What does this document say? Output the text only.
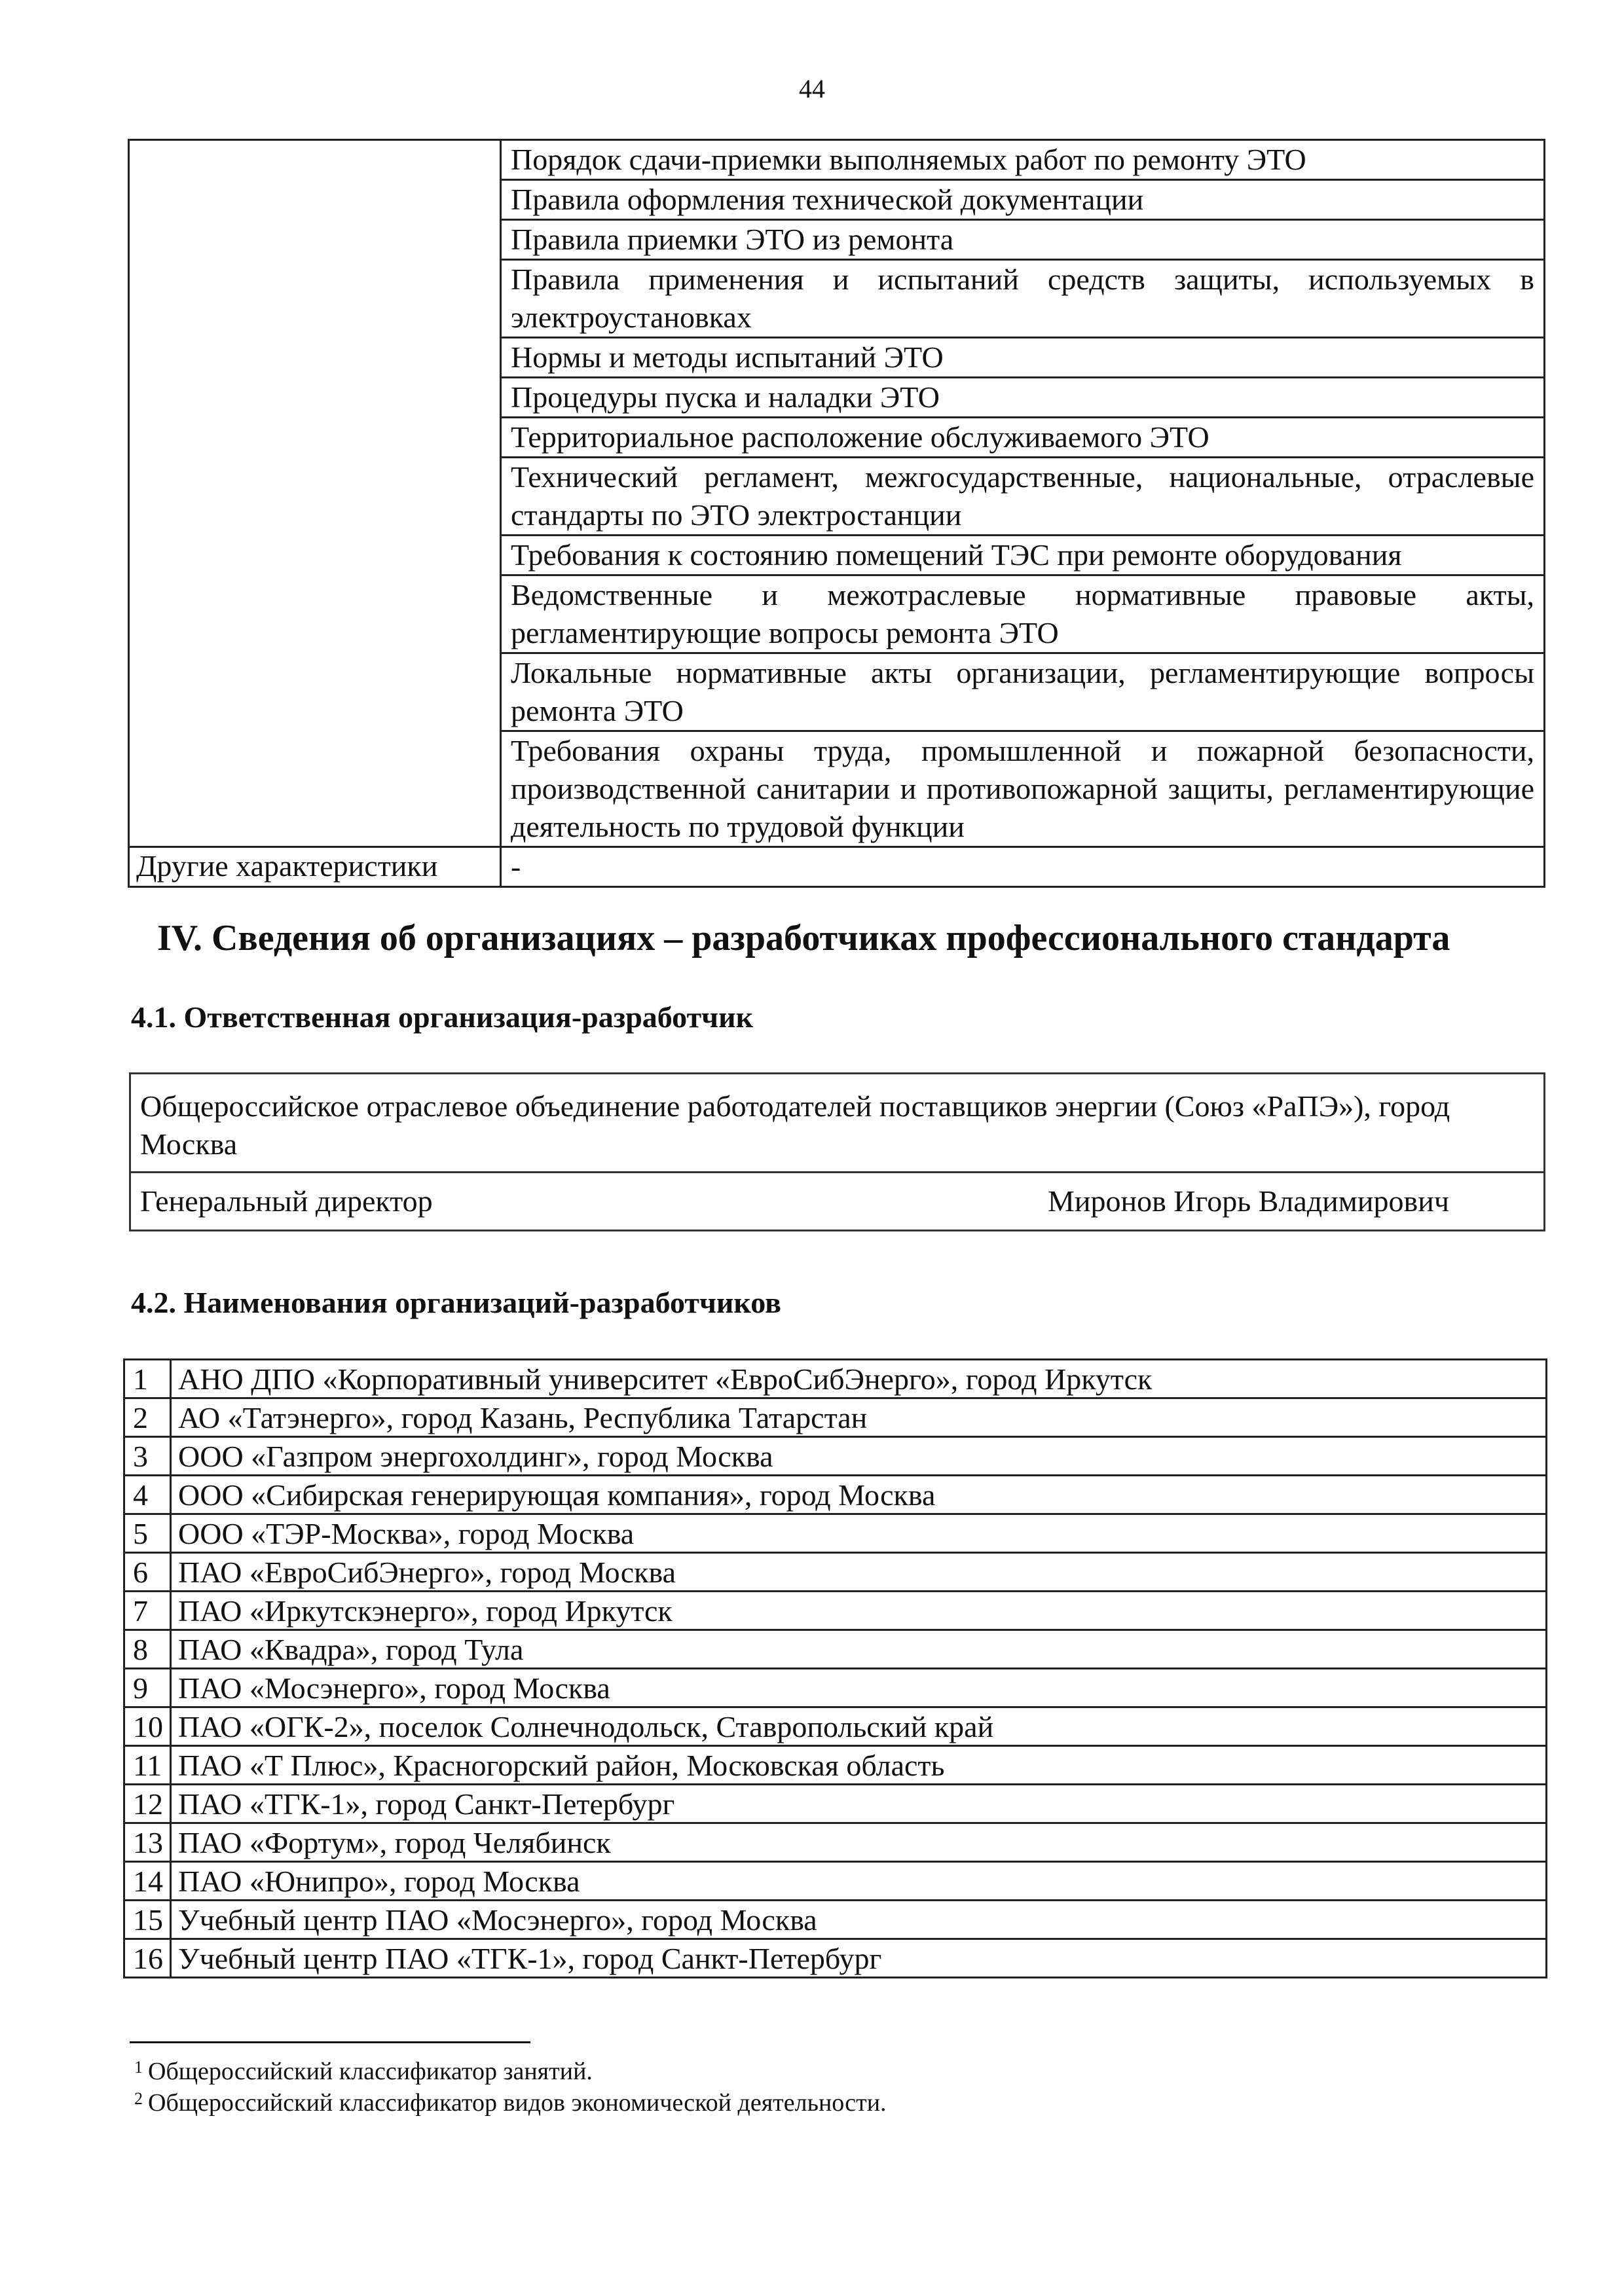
44
	Порядок сдачи-приемки выполняемых работ по ремонту ЭТО
	Правила оформления технической документации
	Правила приемки ЭТО из ремонта
	Правила применения и испытаний средств защиты, используемых в электроустановках
	Нормы и методы испытаний ЭТО
	Процедуры пуска и наладки ЭТО
	Территориальное расположение обслуживаемого ЭТО
	Технический регламент, межгосударственные, национальные, отраслевые стандарты по ЭТО электростанции
	Требования к состоянию помещений ТЭС при ремонте оборудования
	Ведомственные и межотраслевые нормативные правовые акты, регламентирующие вопросы ремонта ЭТО
	Локальные нормативные акты организации, регламентирующие вопросы ремонта ЭТО
	Требования охраны труда, промышленной и пожарной безопасности, производственной санитарии и противопожарной защиты, регламентирующие деятельность по трудовой функции
Другие характеристики	-
IV. Сведения об организациях – разработчиках профессионального стандарта
4.1. Ответственная организация-разработчик
Общероссийское отраслевое объединение работодателей поставщиков энергии (Союз «РаПЭ»), город Москва

Генеральный директор	Миронов Игорь Владимирович
4.2. Наименования организаций-разработчиков
1	АНО ДПО «Корпоративный университет «ЕвроСибЭнерго», город Иркутск
2	АО «Татэнерго», город Казань, Республика Татарстан
3	ООО «Газпром энергохолдинг», город Москва
4	ООО «Сибирская генерирующая компания», город Москва
5	ООО «ТЭР-Москва», город Москва
6	ПАО «ЕвроСибЭнерго», город Москва
7	ПАО «Иркутскэнерго», город Иркутск
8	ПАО «Квадра», город Тула
9	ПАО «Мосэнерго», город Москва
10	ПАО «ОГК-2», поселок Солнечнодольск, Ставропольский край
11	ПАО «Т Плюс», Красногорский район, Московская область
12	ПАО «ТГК-1», город Санкт-Петербург
13	ПАО «Фортум», город Челябинск
14	ПАО «Юнипро», город Москва
15	Учебный центр ПАО «Мосэнерго», город Москва
16	Учебный центр ПАО «ТГК-1», город Санкт-Петербург
$^1$ Общероссийский классификатор занятий.
$^2$ Общероссийский классификатор видов экономической деятельности.
